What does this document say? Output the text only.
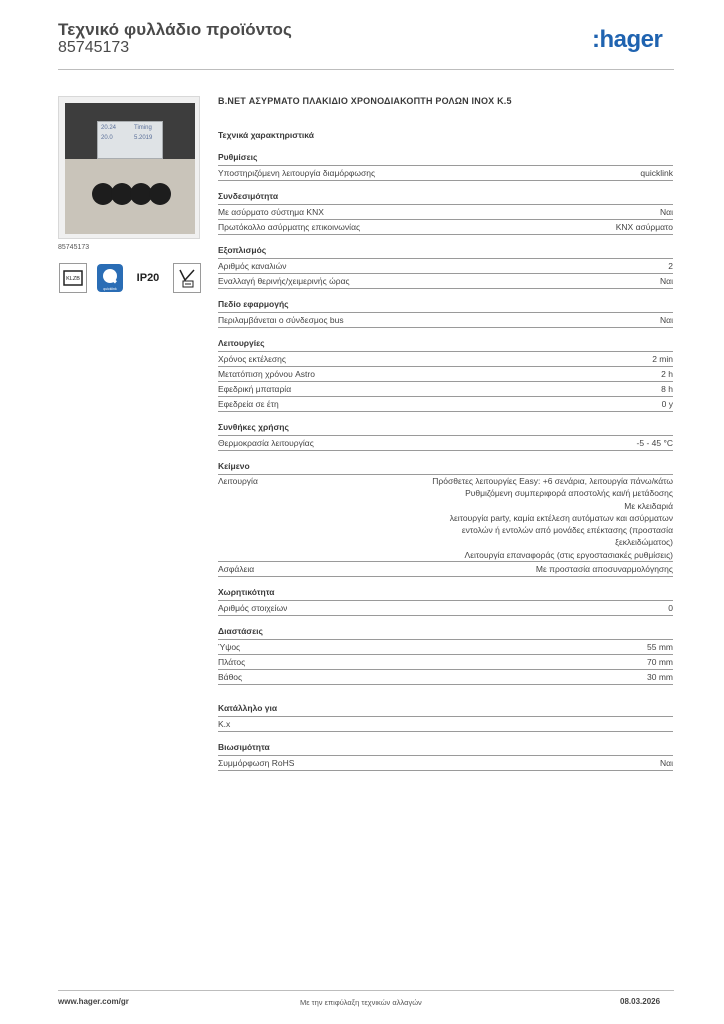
Τεχνικό φυλλάδιο προϊόντος
85745173	:hager
20.24
20.0
Timing
5.2019
85745173
KLZB
quicklink
IP20
B.NET ΑΣΥΡΜΑΤΟ ΠΛΑΚΙΔΙΟ ΧΡΟΝΟΔΙΑΚΟΠΤΗ ΡΟΛΩΝ INOX K.5
Τεχνικά χαρακτηριστικά
Ρυθμίσεις
Υποστηριζόμενη λειτουργία διαμόρφωσης	quicklink
Συνδεσιμότητα
Με ασύρματο σύστημα KNX	Ναι
Πρωτόκολλο ασύρματης επικοινωνίας	KNX ασύρματο
Εξοπλισμός
Αριθμός καναλιών	2
Εναλλαγή θερινής/χειμερινής ώρας	Ναι
Πεδίο εφαρμογής
Περιλαμβάνεται ο σύνδεσμος bus	Ναι
Λειτουργίες
Χρόνος εκτέλεσης	2 min
Μετατόπιση χρόνου Astro	2 h
Εφεδρική μπαταρία	8 h
Εφεδρεία σε έτη	0 y
Συνθήκες χρήσης
Θερμοκρασία λειτουργίας	-5 - 45 °C
Κείμενο
Λειτουργία	Πρόσθετες λειτουργίες Easy: +6 σενάρια, λειτουργία πάνω/κάτω
Ρυθμιζόμενη συμπεριφορά αποστολής και/ή μετάδοσης
Με κλειδαριά
λειτουργία party, καμία εκτέλεση αυτόματων και ασύρματων
εντολών ή εντολών από μονάδες επέκτασης (προστασία
ξεκλειδώματος)
Λειτουργία επαναφοράς (στις εργοστασιακές ρυθμίσεις)
Ασφάλεια	Με προστασία αποσυναρμολόγησης
Χωρητικότητα
Αριθμός στοιχείων	0
Διαστάσεις
Ύψος	55 mm
Πλάτος	70 mm
Βάθος	30 mm
Κατάλληλο για
K.x
Βιωσιμότητα
Συμμόρφωση RoHS	Ναι
www.hager.com/gr	Με την επιφύλαξη τεχνικών αλλαγών	08.03.2026
